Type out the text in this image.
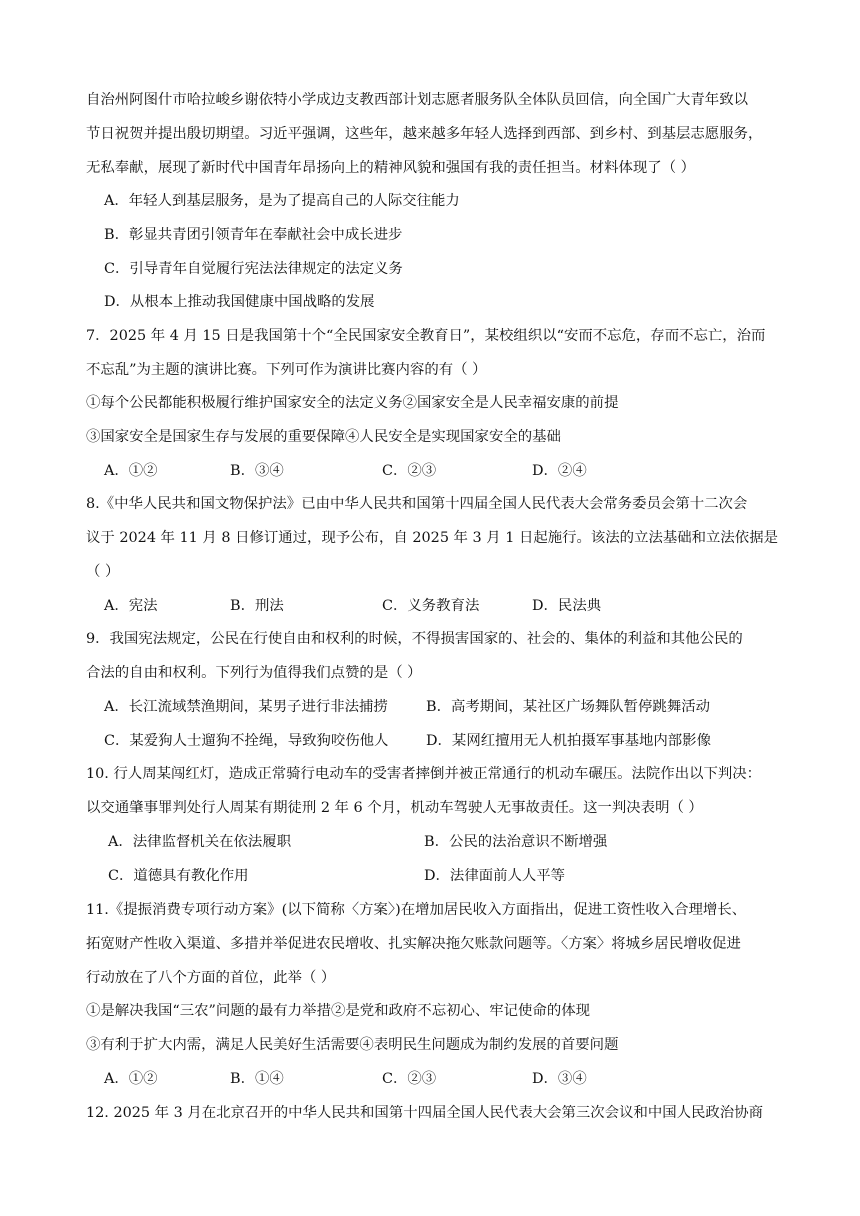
自治州阿图什市哈拉峻乡谢依特小学成边支教西部计划志愿者服务队全体队员回信，向全国广大青年致以
节日祝贺并提出殷切期望。习近平强调，这些年，越来越多年轻人选择到西部、到乡村、到基层志愿服务，
无私奉献，展现了新时代中国青年昂扬向上的精神风貌和强国有我的责任担当。材料体现了（ ）
A．年轻人到基层服务，是为了提高自己的人际交往能力
B．彰显共青团引领青年在奉献社会中成长进步
C．引导青年自觉履行宪法法律规定的法定义务
D．从根本上推动我国健康中国战略的发展
7．2025 年 4 月 15 日是我国第十个“全民国家安全教育日”，某校组织以“安而不忘危，存而不忘亡，治而
不忘乱”为主题的演讲比赛。下列可作为演讲比赛内容的有（ ）
①每个公民都能积极履行维护国家安全的法定义务②国家安全是人民幸福安康的前提
③国家安全是国家生存与发展的重要保障④人民安全是实现国家安全的基础
A．①②	B．③④	C．②③	D．②④
8.《中华人民共和国文物保护法》已由中华人民共和国第十四届全国人民代表大会常务委员会第十二次会
议于 2024 年 11 月 8 日修订通过，现予公布，自 2025 年 3 月 1 日起施行。该法的立法基础和立法依据是
（ ）
A．宪法	B．刑法	C．义务教育法	D．民法典
9．我国宪法规定，公民在行使自由和权利的时候，不得损害国家的、社会的、集体的利益和其他公民的
合法的自由和权利。下列行为值得我们点赞的是（ ）
A．长江流域禁渔期间，某男子进行非法捕捞	B．高考期间，某社区广场舞队暂停跳舞活动
C．某爱狗人士遛狗不拴绳，导致狗咬伤他人	D．某网红擅用无人机拍摄军事基地内部影像
10. 行人周某闯红灯，造成正常骑行电动车的受害者摔倒并被正常通行的机动车碾压。法院作出以下判决：
以交通肇事罪判处行人周某有期徒刑 2 年 6 个月，机动车驾驶人无事故责任。这一判决表明（ ）
A．法律监督机关在依法履职	B．公民的法治意识不断增强
C．道德具有教化作用	D．法律面前人人平等
11.《提振消费专项行动方案》(以下简称〈方案〉)在增加居民收入方面指出，促进工资性收入合理增长、
拓宽财产性收入渠道、多措并举促进农民增收、扎实解决拖欠账款问题等。〈方案〉将城乡居民增收促进
行动放在了八个方面的首位，此举（ ）
①是解决我国“三农”问题的最有力举措②是党和政府不忘初心、牢记使命的体现
③有利于扩大内需，满足人民美好生活需要④表明民生问题成为制约发展的首要问题
A．①②	B．①④	C．②③	D．③④
12. 2025 年 3 月在北京召开的中华人民共和国第十四届全国人民代表大会第三次会议和中国人民政治协商
